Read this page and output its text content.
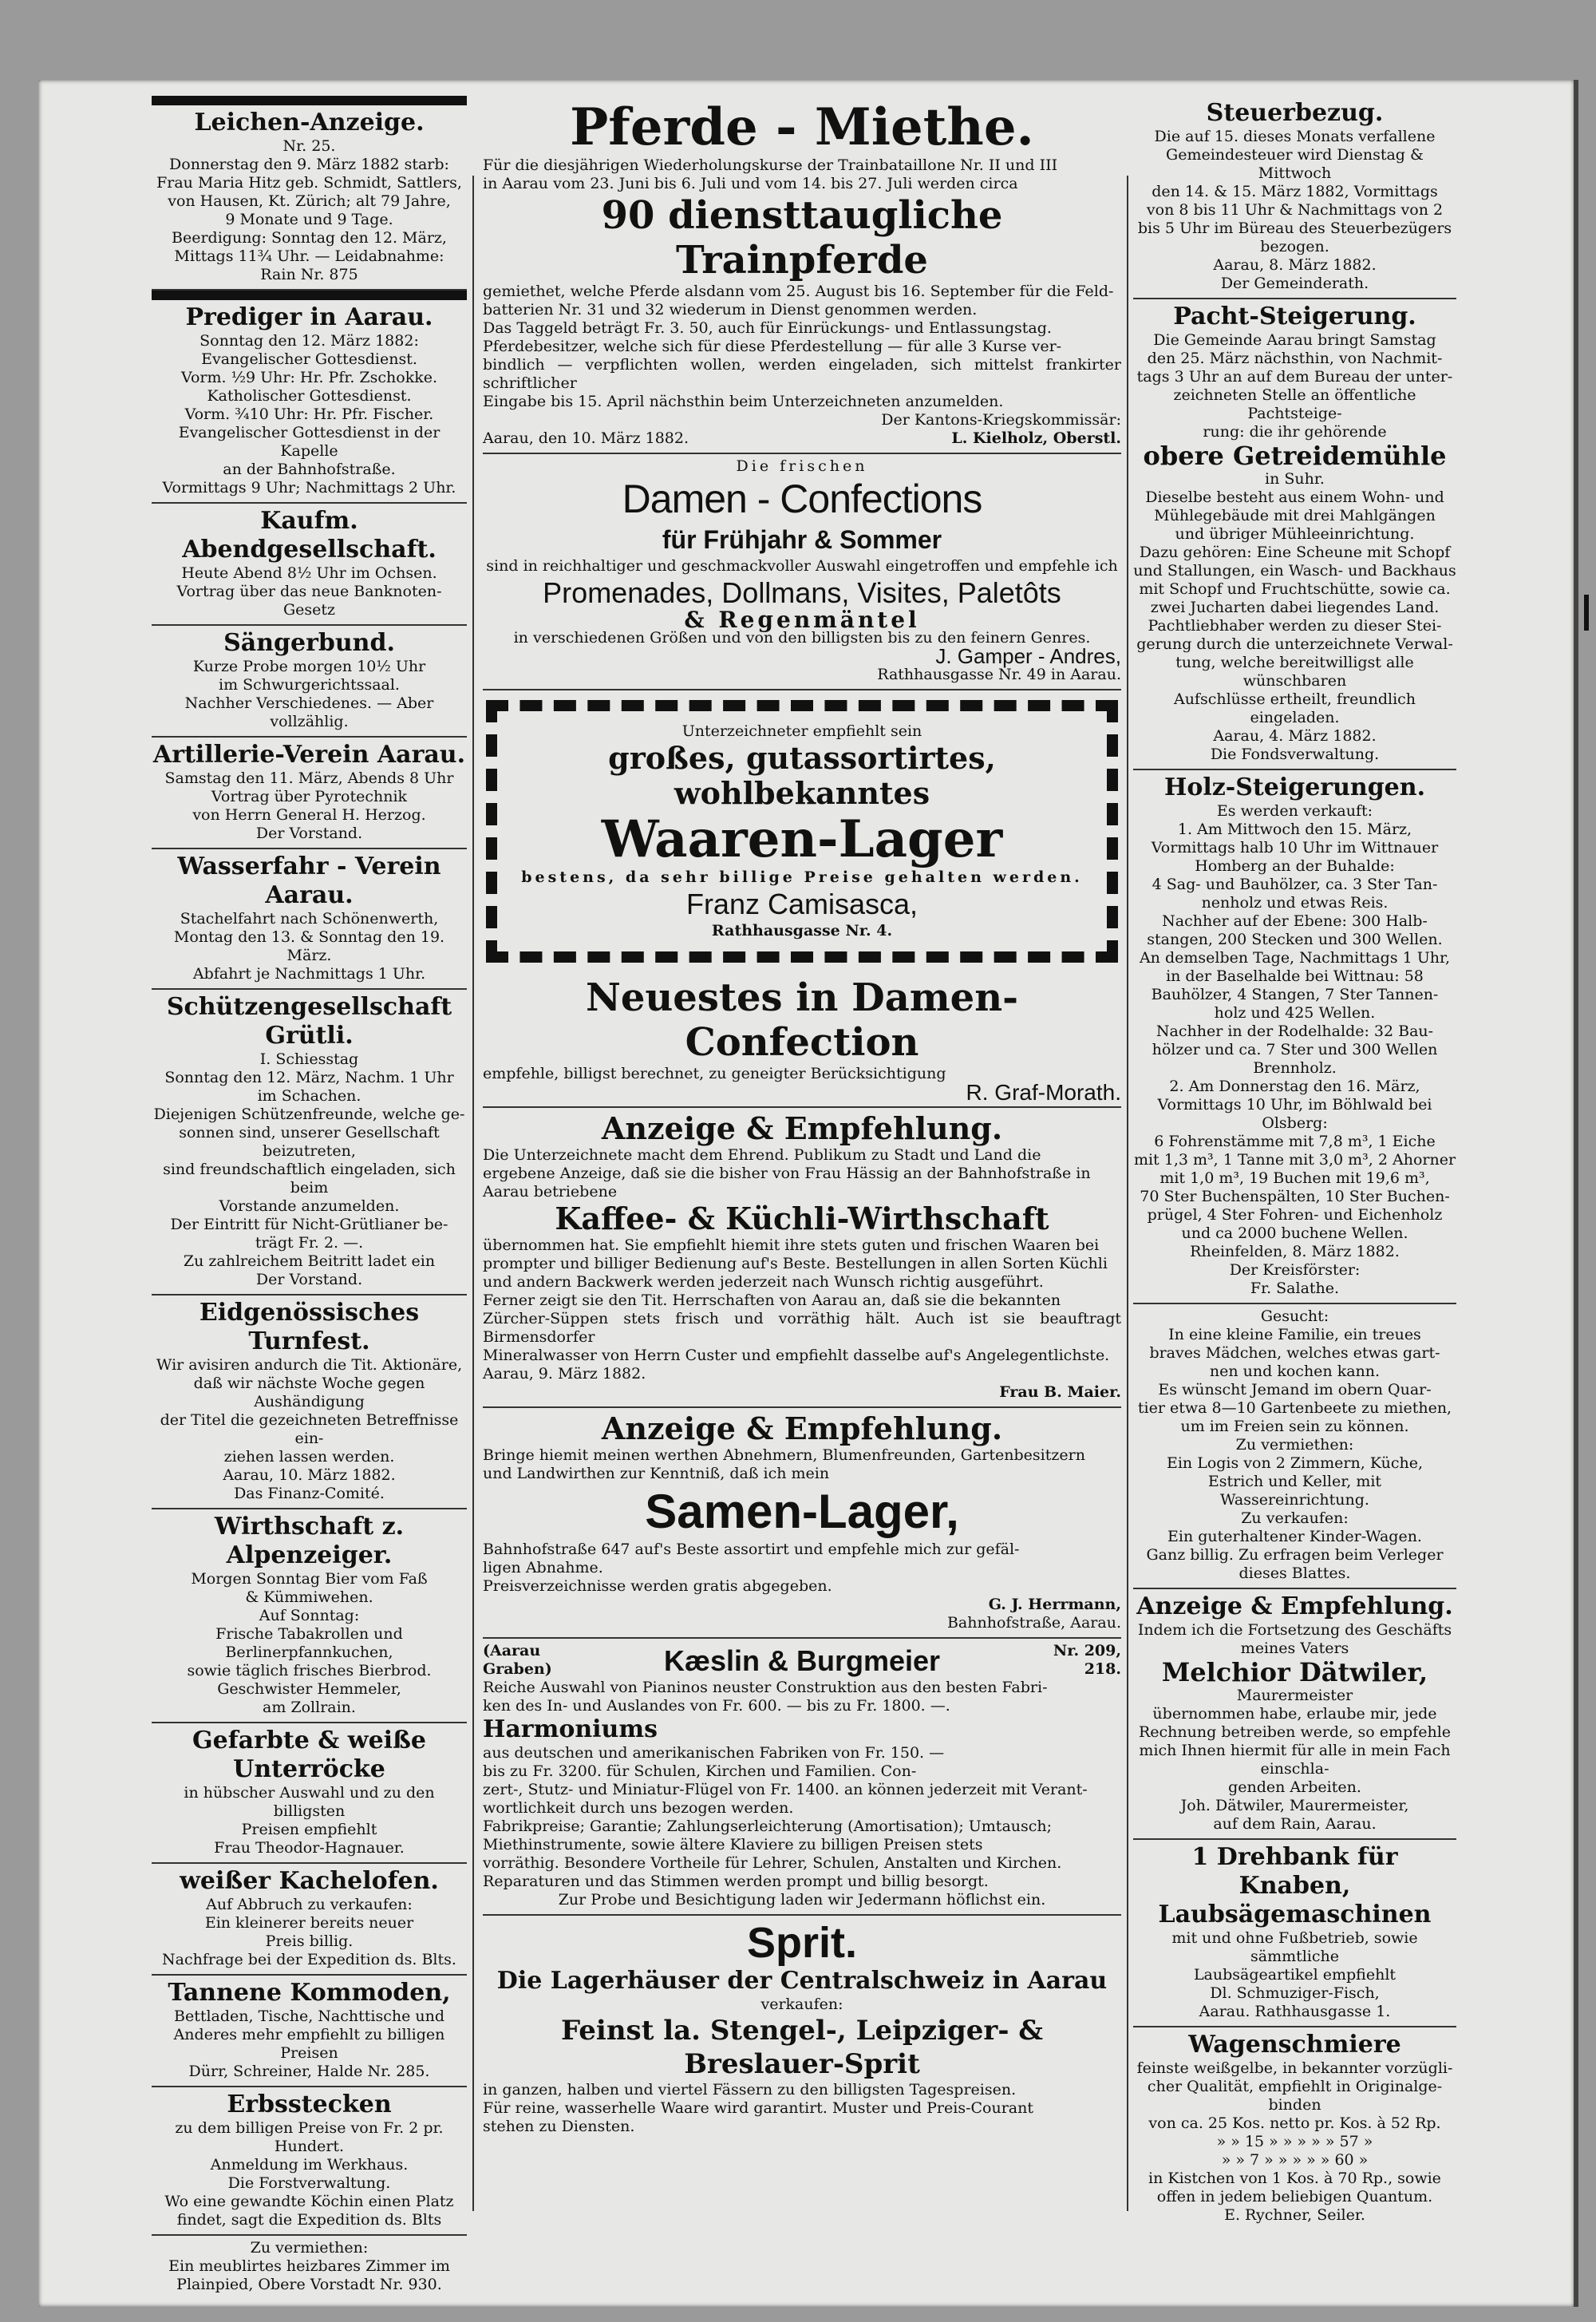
Leichen-Anzeige.
Nr. 25.
Donnerstag den 9. März 1882 starb:
Frau Maria Hitz geb. Schmidt, Sattlers,
von Hausen, Kt. Zürich; alt 79 Jahre,
9 Monate und 9 Tage.
Beerdigung: Sonntag den 12. März,
Mittags 11¾ Uhr. — Leidabnahme:
Rain Nr. 875
Prediger in Aarau.
Sonntag den 12. März 1882:
Evangelischer Gottesdienst.
Vorm. ½9 Uhr: Hr. Pfr. Zschokke.
Katholischer Gottesdienst.
Vorm. ¾10 Uhr: Hr. Pfr. Fischer.
Evangelischer Gottesdienst in der Kapelle
an der Bahnhofstraße.
Vormittags 9 Uhr; Nachmittags 2 Uhr.
Kaufm. Abendgesellschaft.
Heute Abend 8½ Uhr im Ochsen.
Vortrag über das neue Banknoten-Gesetz
Sängerbund.
Kurze Probe morgen 10½ Uhr
im Schwurgerichtssaal.
Nachher Verschiedenes. — Aber vollzählig.
Artillerie-Verein Aarau.
Samstag den 11. März, Abends 8 Uhr
Vortrag über Pyrotechnik
von Herrn General H. Herzog.
Der Vorstand.
Wasserfahr - Verein Aarau.
Stachelfahrt nach Schönenwerth,
Montag den 13. & Sonntag den 19. März.
Abfahrt je Nachmittags 1 Uhr.
Schützengesellschaft Grütli.
I. Schiesstag
Sonntag den 12. März, Nachm. 1 Uhr
im Schachen.
Diejenigen Schützenfreunde, welche ge-
sonnen sind, unserer Gesellschaft beizutreten,
sind freundschaftlich eingeladen, sich beim
Vorstande anzumelden.
Der Eintritt für Nicht-Grütlianer be-
trägt Fr. 2. —.
Zu zahlreichem Beitritt ladet ein
Der Vorstand.
Eidgenössisches Turnfest.
Wir avisiren andurch die Tit. Aktionäre,
daß wir nächste Woche gegen Aushändigung
der Titel die gezeichneten Betreffnisse ein-
ziehen lassen werden.
Aarau, 10. März 1882.
Das Finanz-Comité.
Wirthschaft z. Alpenzeiger.
Morgen Sonntag Bier vom Faß
& Kümmiwehen.
Auf Sonntag:
Frische Tabakrollen und
Berlinerpfannkuchen,
sowie täglich frisches Bierbrod.
Geschwister Hemmeler,
am Zollrain.
Gefarbte & weiße Unterröcke
in hübscher Auswahl und zu den billigsten
Preisen empfiehlt
Frau Theodor-Hagnauer.
weißer Kachelofen.
Auf Abbruch zu verkaufen:
Ein kleinerer bereits neuer
Preis billig.
Nachfrage bei der Expedition ds. Blts.
Tannene Kommoden,
Bettladen, Tische, Nachttische und
Anderes mehr empfiehlt zu billigen Preisen
Dürr, Schreiner, Halde Nr. 285.
Erbsstecken
zu dem billigen Preise von Fr. 2 pr. Hundert.
Anmeldung im Werkhaus.
Die Forstverwaltung.
Wo eine gewandte Köchin einen Platz
findet, sagt die Expedition ds. Blts
Zu vermiethen:
Ein meublirtes heizbares Zimmer im
Plainpied, Obere Vorstadt Nr. 930.
Pferde - Miethe.
Für die diesjährigen Wiederholungskurse der Trainbataillone Nr. II und III
in Aarau vom 23. Juni bis 6. Juli und vom 14. bis 27. Juli werden circa
90 diensttaugliche Trainpferde
gemiethet, welche Pferde alsdann vom 25. August bis 16. September für die Feld-
batterien Nr. 31 und 32 wiederum in Dienst genommen werden.
Das Taggeld beträgt Fr. 3. 50, auch für Einrückungs- und Entlassungstag.
Pferdebesitzer, welche sich für diese Pferdestellung — für alle 3 Kurse ver-
bindlich — verpflichten wollen, werden eingeladen, sich mittelst frankirter schriftlicher
Eingabe bis 15. April nächsthin beim Unterzeichneten anzumelden.
Der Kantons-Kriegskommissär:
Aarau, den 10. März 1882.	L. Kielholz, Oberstl.
Die frischen
Damen - Confections
für Frühjahr & Sommer
sind in reichhaltiger und geschmackvoller Auswahl eingetroffen und empfehle ich
Promenades, Dollmans, Visites, Paletôts
& Regenmäntel
in verschiedenen Größen und von den billigsten bis zu den feinern Genres.
J. Gamper - Andres,
Rathhausgasse Nr. 49 in Aarau.
Unterzeichneter empfiehlt sein
großes, gutassortirtes, wohlbekanntes
Waaren-Lager
bestens, da sehr billige Preise gehalten werden.
Franz Camisasca,
Rathhausgasse Nr. 4.
Neuestes in Damen-Confection
empfehle, billigst berechnet, zu geneigter Berücksichtigung
R. Graf-Morath.
Anzeige & Empfehlung.
Die Unterzeichnete macht dem Ehrend. Publikum zu Stadt und Land die
ergebene Anzeige, daß sie die bisher von Frau Hässig an der Bahnhofstraße in
Aarau betriebene
Kaffee- & Küchli-Wirthschaft
übernommen hat. Sie empfiehlt hiemit ihre stets guten und frischen Waaren bei
prompter und billiger Bedienung auf's Beste. Bestellungen in allen Sorten Küchli
und andern Backwerk werden jederzeit nach Wunsch richtig ausgeführt.
Ferner zeigt sie den Tit. Herrschaften von Aarau an, daß sie die bekannten
Zürcher-Süppen stets frisch und vorräthig hält. Auch ist sie beauftragt Birmensdorfer
Mineralwasser von Herrn Custer und empfiehlt dasselbe auf's Angelegentlichste.
Aarau, 9. März 1882.
Frau B. Maier.
Anzeige & Empfehlung.
Bringe hiemit meinen werthen Abnehmern, Blumenfreunden, Gartenbesitzern
und Landwirthen zur Kenntniß, daß ich mein
Samen-Lager,
Bahnhofstraße 647 auf's Beste assortirt und empfehle mich zur gefäl-
ligen Abnahme.
Preisverzeichnisse werden gratis abgegeben.
G. J. Herrmann,
Bahnhofstraße, Aarau.
(Aarau Graben)	Kæslin & Burgmeier	Nr. 209, 218.
Reiche Auswahl von Pianinos neuster Construktion aus den besten Fabri-
ken des In- und Auslandes von Fr. 600. — bis zu Fr. 1800. —.
Harmoniums
aus deutschen und amerikanischen Fabriken von Fr. 150. —
bis zu Fr. 3200. für Schulen, Kirchen und Familien. Con-
zert-, Stutz- und Miniatur-Flügel von Fr. 1400. an können jederzeit mit Verant-
wortlichkeit durch uns bezogen werden.
Fabrikpreise; Garantie; Zahlungserleichterung (Amortisation); Umtausch;
Miethinstrumente, sowie ältere Klaviere zu billigen Preisen stets
vorräthig. Besondere Vortheile für Lehrer, Schulen, Anstalten und Kirchen.
Reparaturen und das Stimmen werden prompt und billig besorgt.
Zur Probe und Besichtigung laden wir Jedermann höflichst ein.
Sprit.
Die Lagerhäuser der Centralschweiz in Aarau
verkaufen:
Feinst la. Stengel-, Leipziger- & Breslauer-Sprit
in ganzen, halben und viertel Fässern zu den billigsten Tagespreisen.
Für reine, wasserhelle Waare wird garantirt. Muster und Preis-Courant
stehen zu Diensten.
Steuerbezug.
Die auf 15. dieses Monats verfallene
Gemeindesteuer wird Dienstag & Mittwoch
den 14. & 15. März 1882, Vormittags
von 8 bis 11 Uhr & Nachmittags von 2
bis 5 Uhr im Büreau des Steuerbezügers
bezogen.
Aarau, 8. März 1882.
Der Gemeinderath.
Pacht-Steigerung.
Die Gemeinde Aarau bringt Samstag
den 25. März nächsthin, von Nachmit-
tags 3 Uhr an auf dem Bureau der unter-
zeichneten Stelle an öffentliche Pachtsteige-
rung: die ihr gehörende
obere Getreidemühle
in Suhr.
Dieselbe besteht aus einem Wohn- und
Mühlegebäude mit drei Mahlgängen
und übriger Mühleeinrichtung.
Dazu gehören: Eine Scheune mit Schopf
und Stallungen, ein Wasch- und Backhaus
mit Schopf und Fruchtschütte, sowie ca.
zwei Jucharten dabei liegendes Land.
Pachtliebhaber werden zu dieser Stei-
gerung durch die unterzeichnete Verwal-
tung, welche bereitwilligst alle wünschbaren
Aufschlüsse ertheilt, freundlich eingeladen.
Aarau, 4. März 1882.
Die Fondsverwaltung.
Holz-Steigerungen.
Es werden verkauft:
1. Am Mittwoch den 15. März,
Vormittags halb 10 Uhr im Wittnauer
Homberg an der Buhalde:
4 Sag- und Bauhölzer, ca. 3 Ster Tan-
nenholz und etwas Reis.
Nachher auf der Ebene: 300 Halb-
stangen, 200 Stecken und 300 Wellen.
An demselben Tage, Nachmittags 1 Uhr,
in der Baselhalde bei Wittnau: 58
Bauhölzer, 4 Stangen, 7 Ster Tannen-
holz und 425 Wellen.
Nachher in der Rodelhalde: 32 Bau-
hölzer und ca. 7 Ster und 300 Wellen
Brennholz.
2. Am Donnerstag den 16. März,
Vormittags 10 Uhr, im Böhlwald bei
Olsberg:
6 Fohrenstämme mit 7,8 m³, 1 Eiche
mit 1,3 m³, 1 Tanne mit 3,0 m³, 2 Ahorner
mit 1,0 m³, 19 Buchen mit 19,6 m³,
70 Ster Buchenspälten, 10 Ster Buchen-
prügel, 4 Ster Fohren- und Eichenholz
und ca 2000 buchene Wellen.
Rheinfelden, 8. März 1882.
Der Kreisförster:
Fr. Salathe.
Gesucht:
In eine kleine Familie, ein treues
braves Mädchen, welches etwas gart-
nen und kochen kann.
Es wünscht Jemand im obern Quar-
tier etwa 8—10 Gartenbeete zu miethen,
um im Freien sein zu können.
Zu vermiethen:
Ein Logis von 2 Zimmern, Küche,
Estrich und Keller, mit Wassereinrichtung.
Zu verkaufen:
Ein guterhaltener Kinder-Wagen.
Ganz billig. Zu erfragen beim Verleger
dieses Blattes.
Anzeige & Empfehlung.
Indem ich die Fortsetzung des Geschäfts
meines Vaters
Melchior Dätwiler,
Maurermeister
übernommen habe, erlaube mir, jede
Rechnung betreiben werde, so empfehle
mich Ihnen hiermit für alle in mein Fach einschla-
genden Arbeiten.
Joh. Dätwiler, Maurermeister,
auf dem Rain, Aarau.
1 Drehbank für Knaben, Laubsägemaschinen
mit und ohne Fußbetrieb, sowie sämmtliche
Laubsägeartikel empfiehlt
Dl. Schmuziger-Fisch,
Aarau. Rathhausgasse 1.
Wagenschmiere
feinste weißgelbe, in bekannter vorzügli-
cher Qualität, empfiehlt in Originalge-
binden
von ca. 25 Kos. netto pr. Kos. à 52 Rp.
» » 15 » » » » » 57 »
» » 7 » » » » » 60 »
in Kistchen von 1 Kos. à 70 Rp., sowie
offen in jedem beliebigen Quantum.
E. Rychner, Seiler.
